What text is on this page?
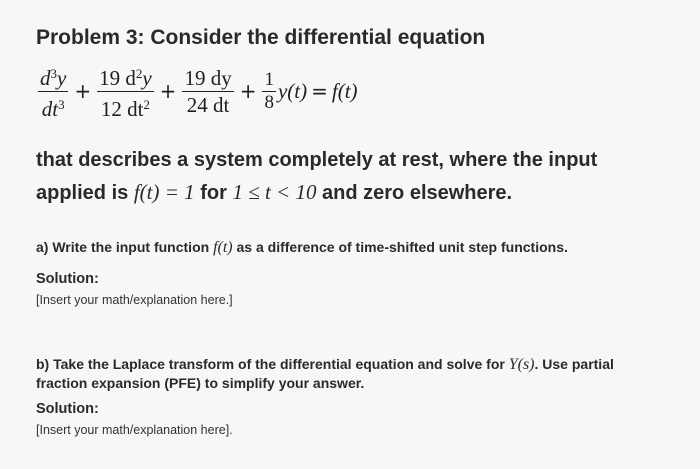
Problem 3: Consider the differential equation
$\frac{d^3y}{dt^3} + \frac{19 d^2y}{12 dt^2} + \frac{19 dy}{24 dt} + \frac{1}{8} y(t) = f(t)$
that describes a system completely at rest, where the input
applied is f(t) = 1 for 1 ≤ t < 10 and zero elsewhere.
a) Write the input function f(t) as a difference of time-shifted unit step functions.
Solution:
[Insert your math/explanation here.]
b) Take the Laplace transform of the differential equation and solve for Y(s). Use partial
fraction expansion (PFE) to simplify your answer.
Solution:
[Insert your math/explanation here].
